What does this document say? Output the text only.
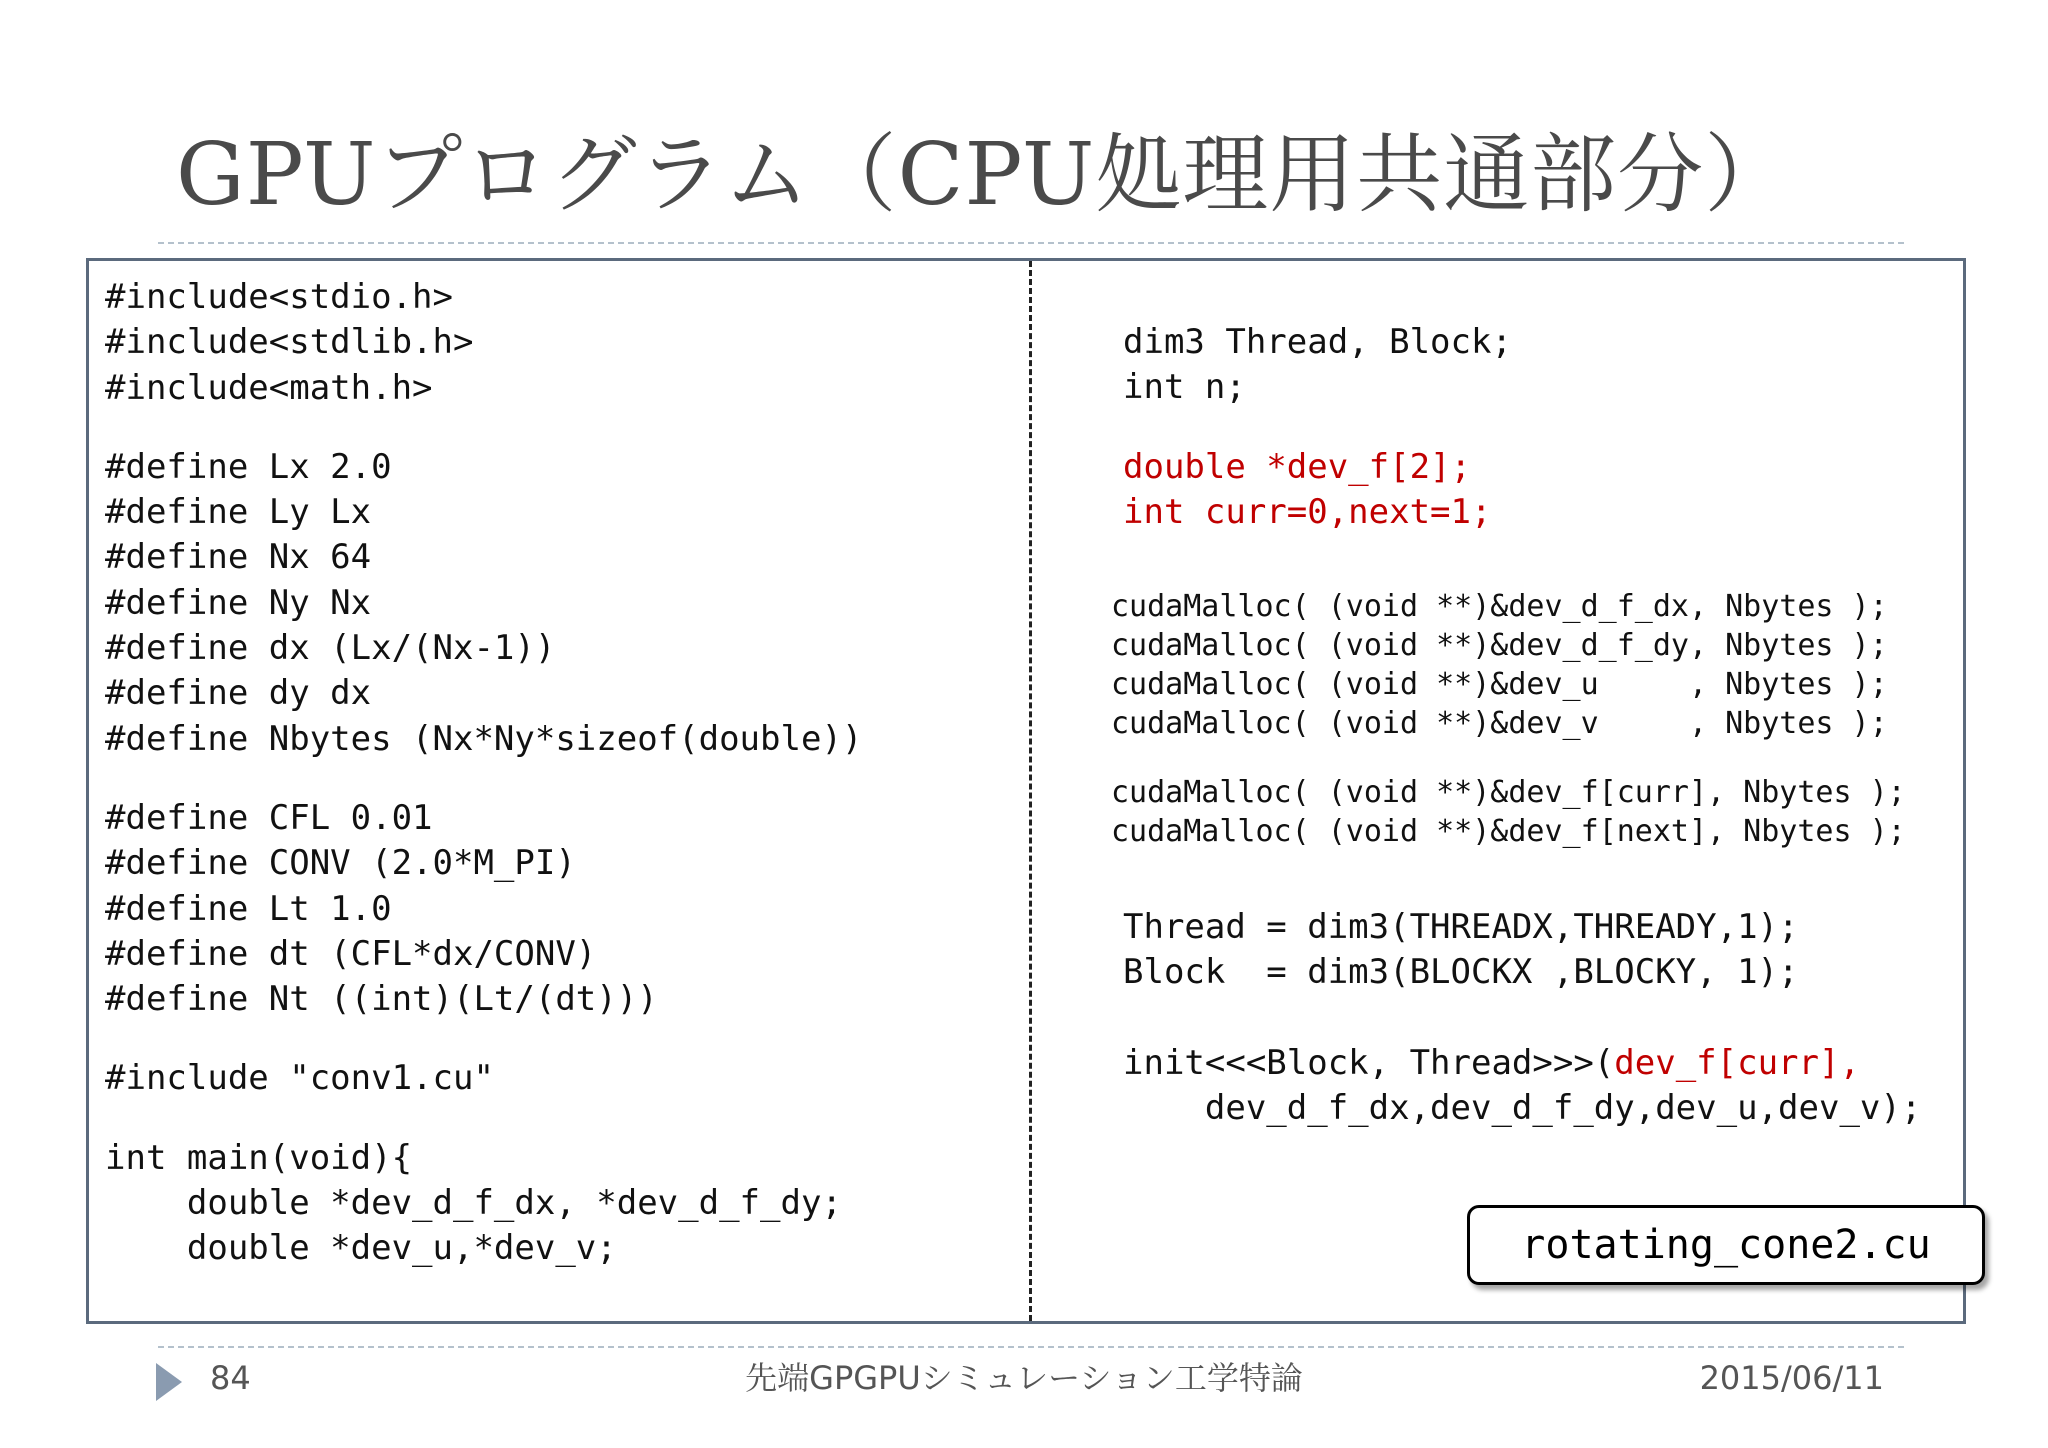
GPUプログラム（CPU処理用共通部分）
#include<stdio.h>
#include<stdlib.h>
#include<math.h>
#define Lx 2.0
#define Ly Lx
#define Nx 64
#define Ny Nx
#define dx (Lx/(Nx-1))
#define dy dx
#define Nbytes (Nx*Ny*sizeof(double))
#define CFL 0.01
#define CONV (2.0*M_PI)
#define Lt 1.0
#define dt (CFL*dx/CONV)
#define Nt ((int)(Lt/(dt)))
#include "conv1.cu"
int main(void){
double *dev_d_f_dx, *dev_d_f_dy;
double *dev_u,*dev_v;
dim3 Thread, Block;
int n;
double *dev_f[2];
int curr=0,next=1;
cudaMalloc( (void **)&dev_d_f_dx, Nbytes );
cudaMalloc( (void **)&dev_d_f_dy, Nbytes );
cudaMalloc( (void **)&dev_u     , Nbytes );
cudaMalloc( (void **)&dev_v     , Nbytes );
cudaMalloc( (void **)&dev_f[curr], Nbytes );
cudaMalloc( (void **)&dev_f[next], Nbytes );
Thread = dim3(THREADX,THREADY,1);
Block  = dim3(BLOCKX ,BLOCKY, 1);
init<<<Block, Thread>>>(dev_f[curr],
dev_d_f_dx,dev_d_f_dy,dev_u,dev_v);
rotating_cone2.cu
84	先端GPGPUシミュレーション工学特論	2015/06/11
